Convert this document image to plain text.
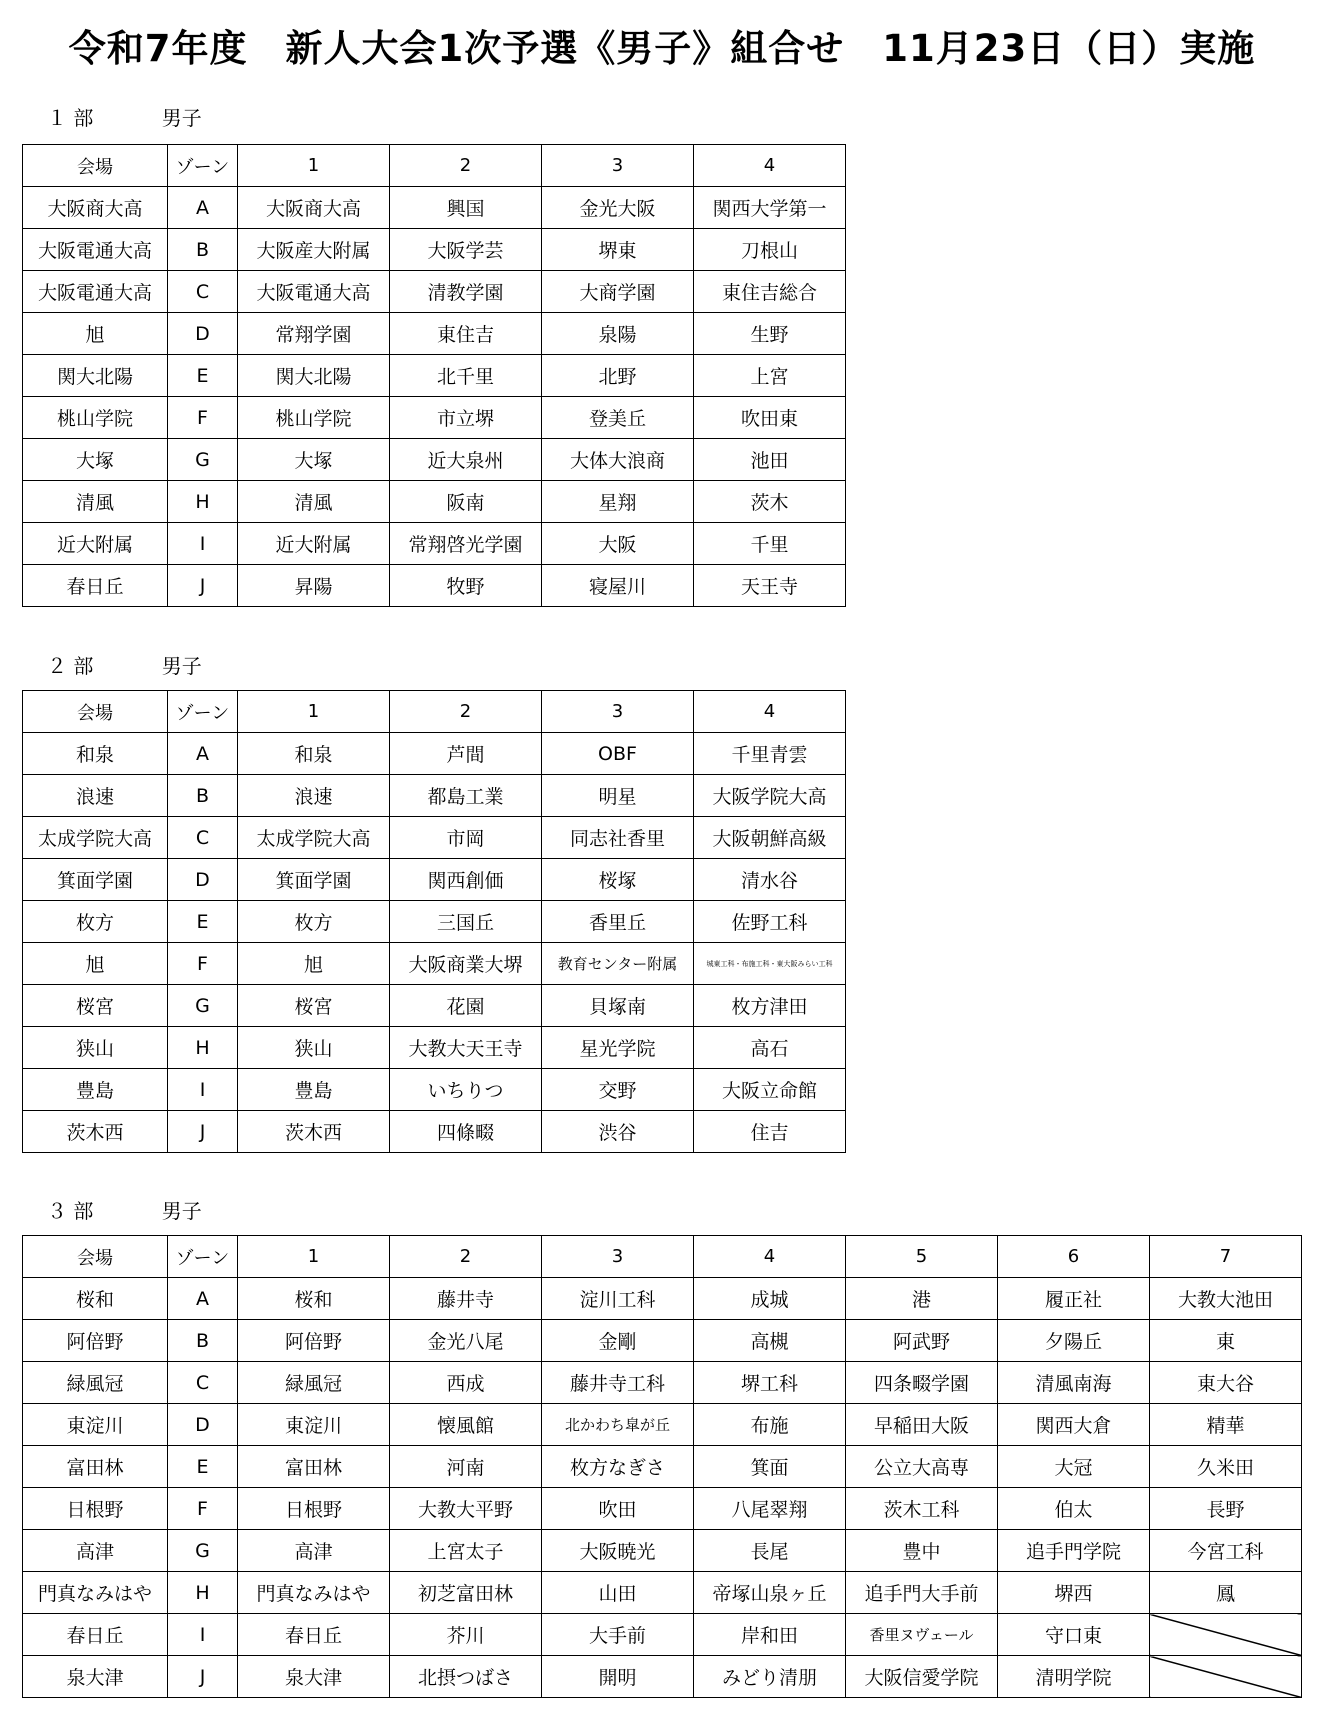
令和7年度　新人大会1次予選《男子》組合せ　11月23日（日）実施
１ 部	男子
会場	ゾーン	1	2	3	4
大阪商大高	A	大阪商大高	興国	金光大阪	関西大学第一
大阪電通大高	B	大阪産大附属	大阪学芸	堺東	刀根山
大阪電通大高	C	大阪電通大高	清教学園	大商学園	東住吉総合
旭	D	常翔学園	東住吉	泉陽	生野
関大北陽	E	関大北陽	北千里	北野	上宮
桃山学院	F	桃山学院	市立堺	登美丘	吹田東
大塚	G	大塚	近大泉州	大体大浪商	池田
清風	H	清風	阪南	星翔	茨木
近大附属	I	近大附属	常翔啓光学園	大阪	千里
春日丘	J	昇陽	牧野	寝屋川	天王寺
２ 部	男子
会場	ゾーン	1	2	3	4
和泉	A	和泉	芦間	OBF	千里青雲
浪速	B	浪速	都島工業	明星	大阪学院大高
太成学院大高	C	太成学院大高	市岡	同志社香里	大阪朝鮮高級
箕面学園	D	箕面学園	関西創価	桜塚	清水谷
枚方	E	枚方	三国丘	香里丘	佐野工科
旭	F	旭	大阪商業大堺	教育センター附属	城東工科・布施工科・東大阪みらい工科
桜宮	G	桜宮	花園	貝塚南	枚方津田
狭山	H	狭山	大教大天王寺	星光学院	高石
豊島	I	豊島	いちりつ	交野	大阪立命館
茨木西	J	茨木西	四條畷	渋谷	住吉
３ 部	男子
会場	ゾーン	1	2	3	4	5	6	7
桜和	A	桜和	藤井寺	淀川工科	成城	港	履正社	大教大池田
阿倍野	B	阿倍野	金光八尾	金剛	高槻	阿武野	夕陽丘	東
緑風冠	C	緑風冠	西成	藤井寺工科	堺工科	四条畷学園	清風南海	東大谷
東淀川	D	東淀川	懐風館	北かわち皐が丘	布施	早稲田大阪	関西大倉	精華
富田林	E	富田林	河南	枚方なぎさ	箕面	公立大高専	大冠	久米田
日根野	F	日根野	大教大平野	吹田	八尾翠翔	茨木工科	伯太	長野
高津	G	高津	上宮太子	大阪暁光	長尾	豊中	追手門学院	今宮工科
門真なみはや	H	門真なみはや	初芝富田林	山田	帝塚山泉ヶ丘	追手門大手前	堺西	鳳
春日丘	I	春日丘	芥川	大手前	岸和田	香里ヌヴェール	守口東	
泉大津	J	泉大津	北摂つばさ	開明	みどり清朋	大阪信愛学院	清明学院	
